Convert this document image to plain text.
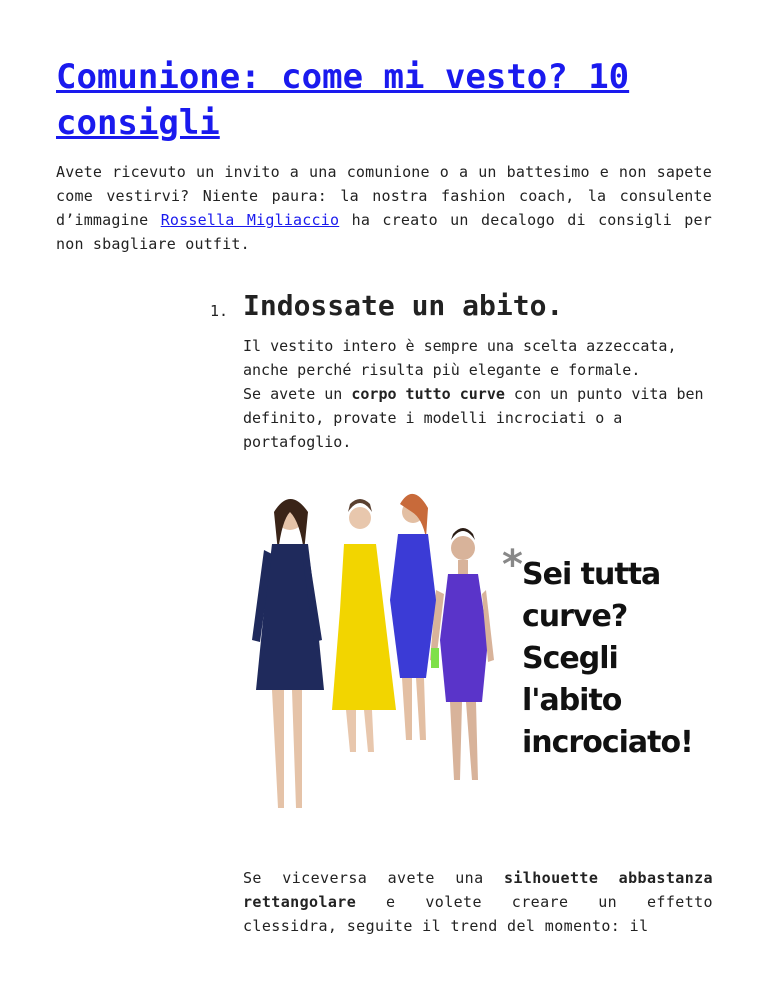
Comunione: come mi vesto? 10 consigli

Avete ricevuto un invito a una comunione o a un battesimo e non sapete come vestirvi? Niente paura: la nostra fashion coach, la consulente d’immagine Rossella Migliaccio ha creato un decalogo di consigli per non sbagliare outfit.

1. Indossate un abito.

Il vestito intero è sempre una scelta azzeccata, anche perché risulta più elegante e formale.
Se avete un corpo tutto curve con un punto vita ben definito, provate i modelli incrociati o a portafoglio.

* Sei tutta curve? Scegli l'abito incrociato!

Se viceversa avete una silhouette abbastanza rettangolare e volete creare un effetto clessidra, seguite il trend del momento: il
